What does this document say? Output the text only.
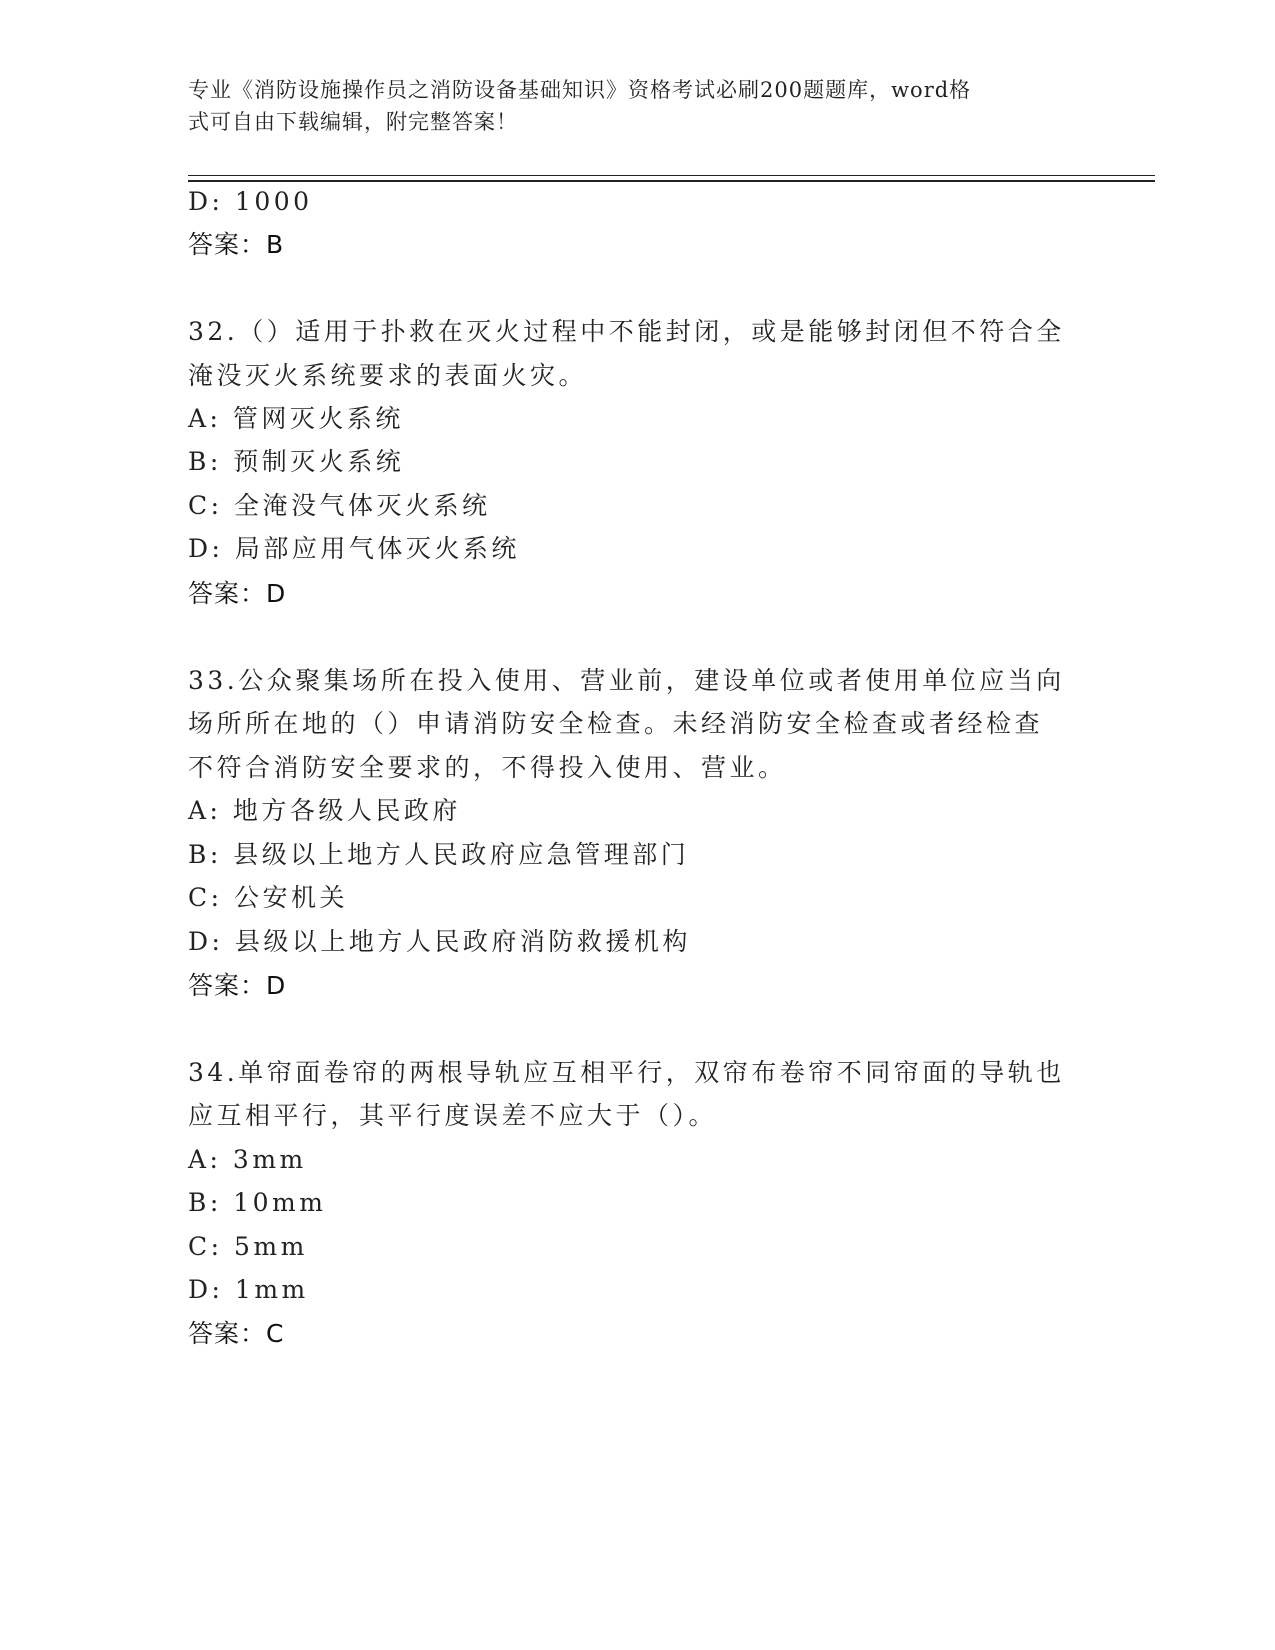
专业《消防设施操作员之消防设备基础知识》资格考试必刷200题题库，word格
式可自由下载编辑，附完整答案！
D: 1000
答案：B
32.（）适用于扑救在灭火过程中不能封闭，或是能够封闭但不符合全
淹没灭火系统要求的表面火灾。
A: 管网灭火系统
B: 预制灭火系统
C: 全淹没气体灭火系统
D: 局部应用气体灭火系统
答案：D
33.公众聚集场所在投入使用、营业前，建设单位或者使用单位应当向
场所所在地的（）申请消防安全检查。未经消防安全检查或者经检查
不符合消防安全要求的，不得投入使用、营业。
A: 地方各级人民政府
B: 县级以上地方人民政府应急管理部门
C: 公安机关
D: 县级以上地方人民政府消防救援机构
答案：D
34.单帘面卷帘的两根导轨应互相平行，双帘布卷帘不同帘面的导轨也
应互相平行，其平行度误差不应大于（）。
A: 3mm
B: 10mm
C: 5mm
D: 1mm
答案：C
